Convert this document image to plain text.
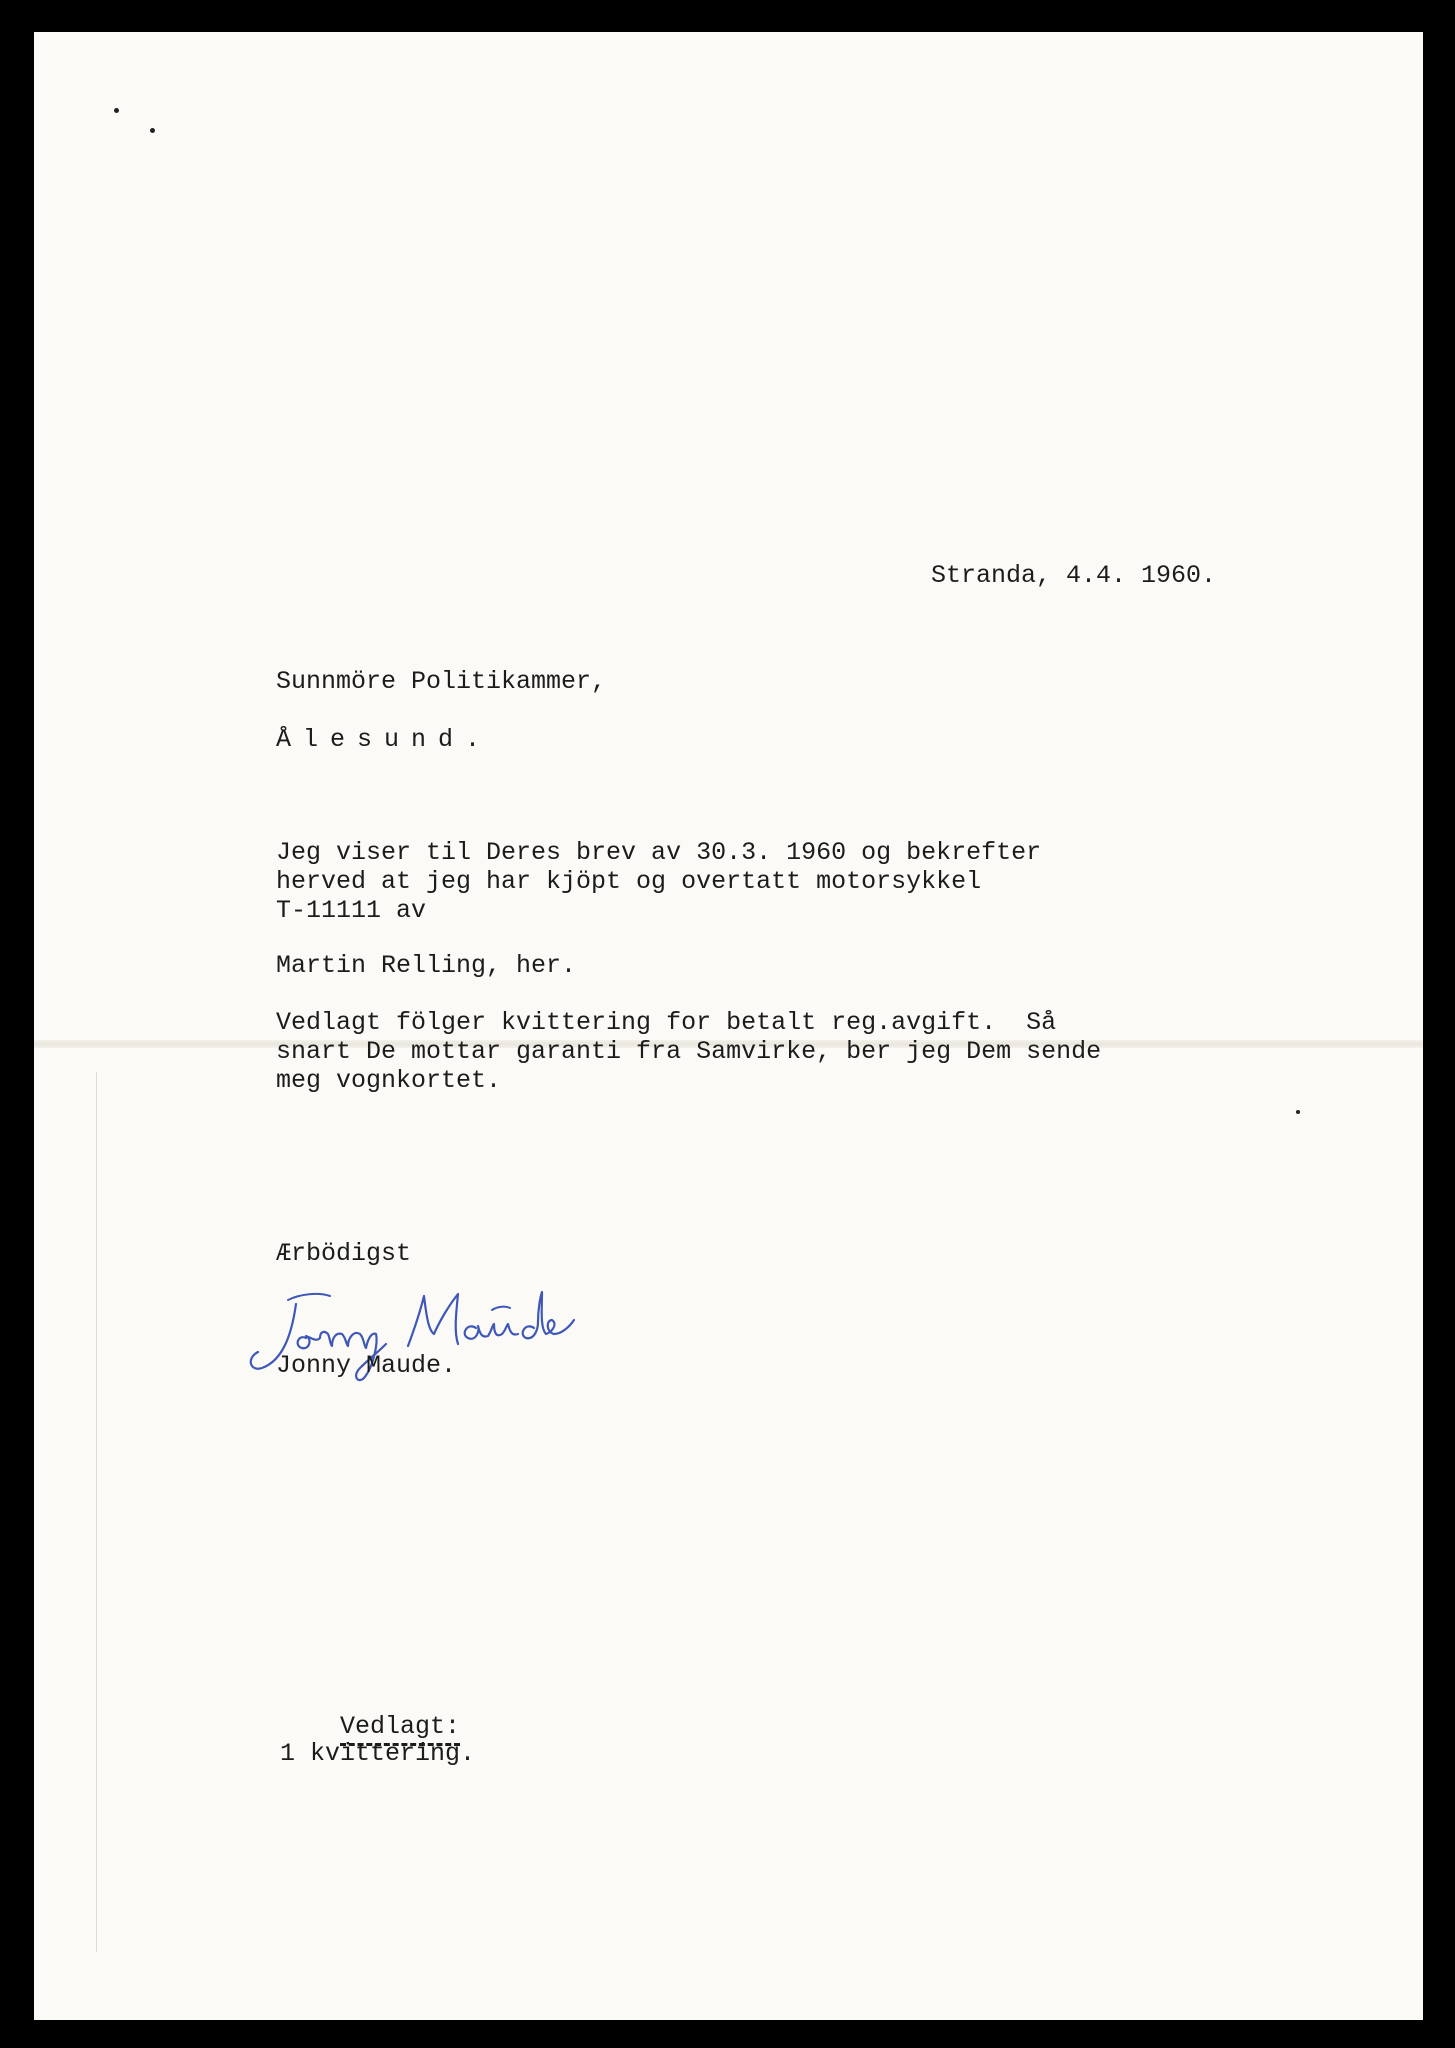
Stranda, 4.4. 1960.

Sunnmöre Politikammer,

Ålesund.

Jeg viser til Deres brev av 30.3. 1960 og bekrefter
herved at jeg har kjöpt og overtatt motorsykkel
T-11111 av

Martin Relling, her.

Vedlagt fölger kvittering for betalt reg.avgift.  Så
snart De mottar garanti fra Samvirke, ber jeg Dem sende
meg vognkortet.

Ærbödigst

Jonny Maude.

Vedlagt:

1 kvittering.
